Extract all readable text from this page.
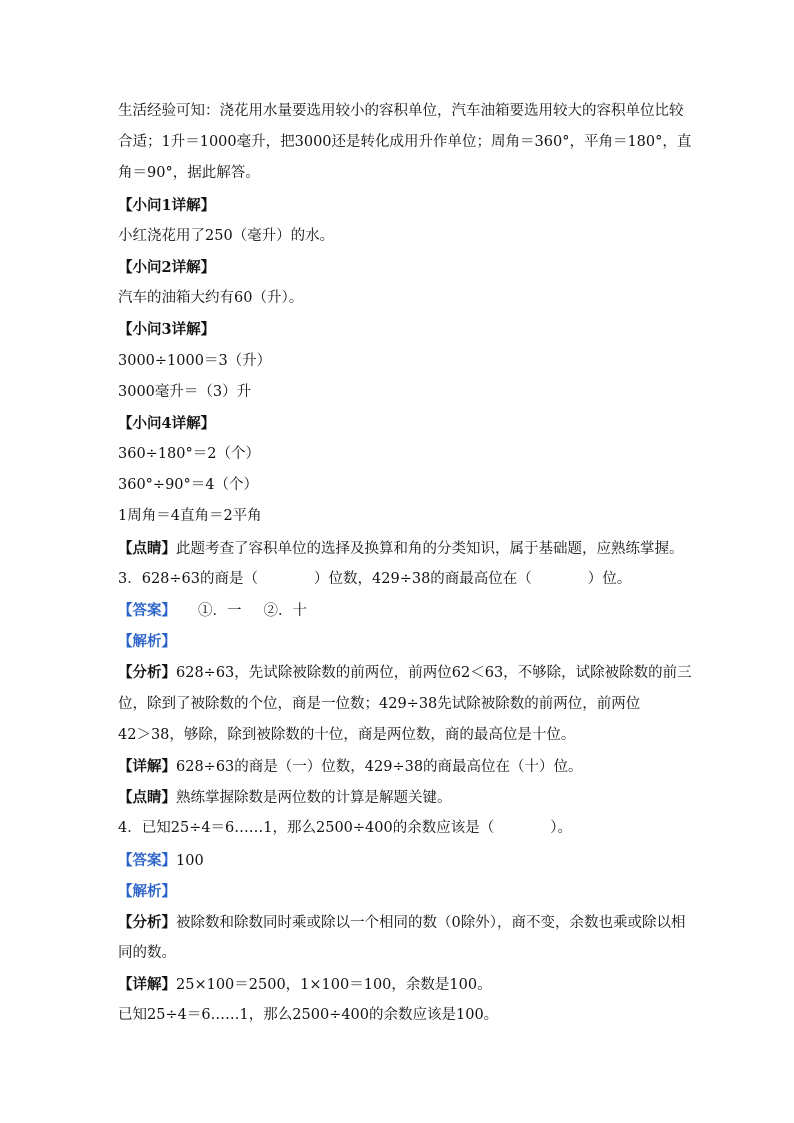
生活经验可知：浇花用水量要选用较小的容积单位，汽车油箱要选用较大的容积单位比较
合适；1升＝1000毫升，把3000还是转化成用升作单位；周角＝360°，平角＝180°，直
角＝90°，据此解答。
【小问1详解】
小红浇花用了250（毫升）的水。
【小问2详解】
汽车的油箱大约有60（升）。
【小问3详解】
3000÷1000＝3（升）
3000毫升＝（3）升
【小问4详解】
360÷180°＝2（个）
360°÷90°＝4（个）
1周角＝4直角＝2平角
【点睛】此题考查了容积单位的选择及换算和角的分类知识，属于基础题，应熟练掌握。
3．628÷63的商是（	）位数，429÷38的商最高位在（	）位。
【答案】 ①．一 ②．十
【解析】
【分析】628÷63，先试除被除数的前两位，前两位62＜63，不够除，试除被除数的前三
位，除到了被除数的个位，商是一位数；429÷38先试除被除数的前两位，前两位
42＞38，够除，除到被除数的十位，商是两位数，商的最高位是十位。
【详解】628÷63的商是（一）位数，429÷38的商最高位在（十）位。
【点睛】熟练掌握除数是两位数的计算是解题关键。
4．已知25÷4＝6……1，那么2500÷400的余数应该是（	）。
【答案】100
【解析】
【分析】被除数和除数同时乘或除以一个相同的数（0除外），商不变，余数也乘或除以相
同的数。
【详解】25×100＝2500，1×100＝100，余数是100。
已知25÷4＝6……1，那么2500÷400的余数应该是100。
